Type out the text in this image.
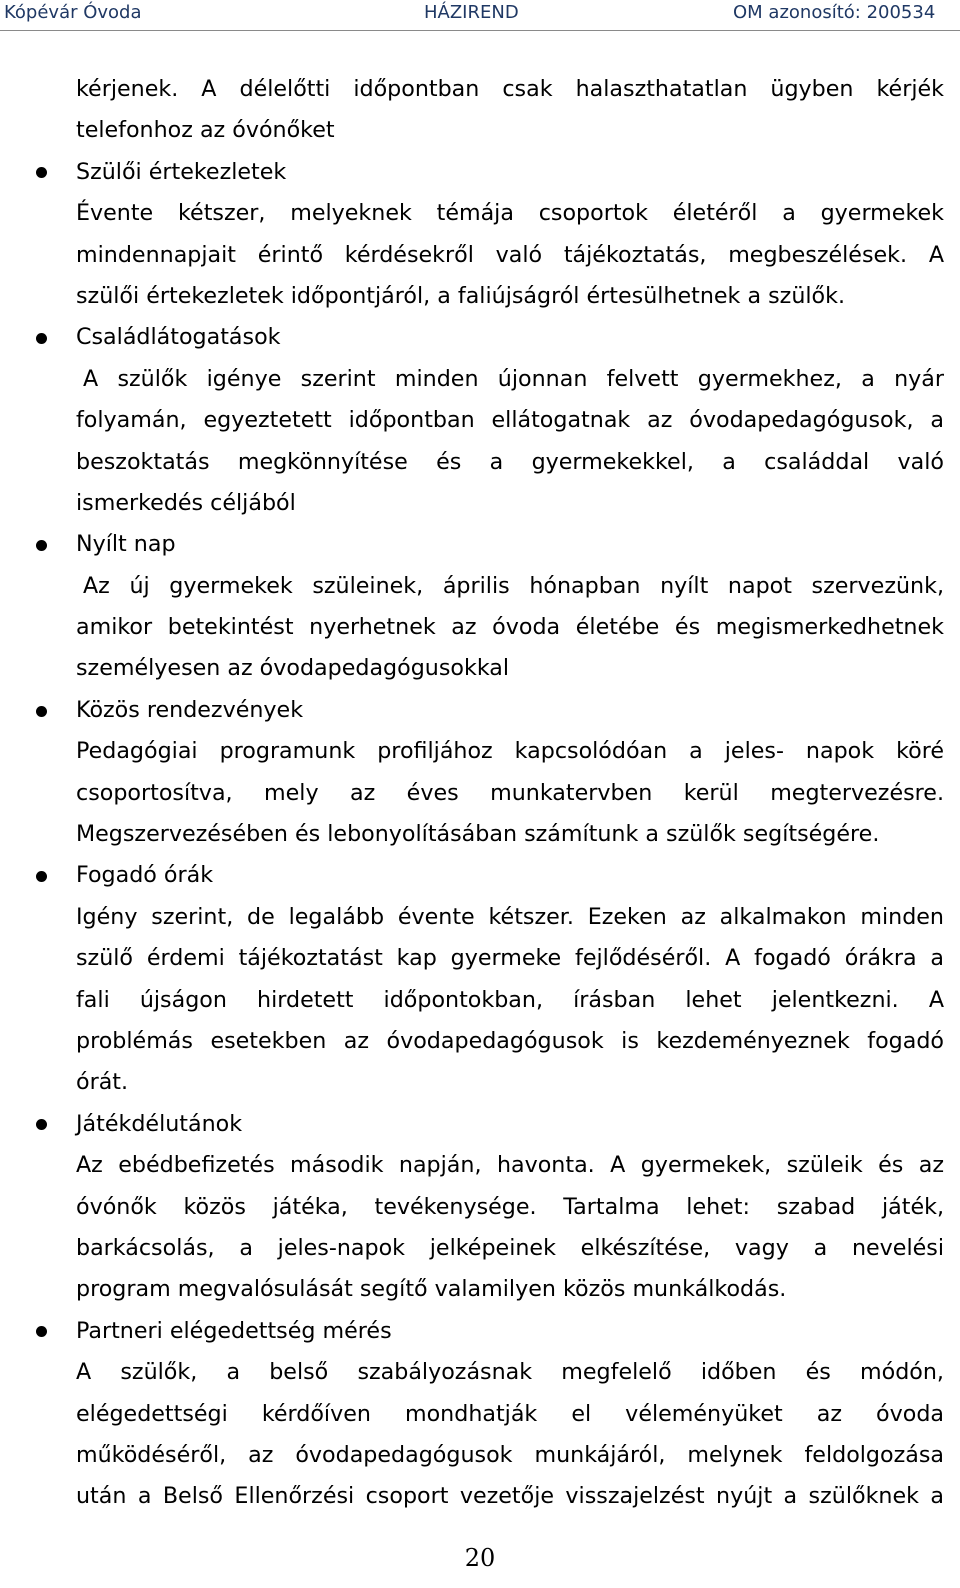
Kópévár Óvoda	HÁZIREND	OM azonosító: 200534
kérjenek. A délelőtti időpontban csak halaszthatatlan ügyben kérjék
telefonhoz az óvónőket
Szülői értekezletek
Évente kétszer, melyeknek témája csoportok életéről a gyermekek
mindennapjait érintő kérdésekről való tájékoztatás, megbeszélések. A
szülői értekezletek időpontjáról, a faliújságról értesülhetnek a szülők.
Családlátogatások
A szülők igénye szerint minden újonnan felvett gyermekhez, a nyár
folyamán, egyeztetett időpontban ellátogatnak az óvodapedagógusok, a
beszoktatás megkönnyítése és a gyermekekkel, a családdal való
ismerkedés céljából
Nyílt nap
Az új gyermekek szüleinek, április hónapban nyílt napot szervezünk,
amikor betekintést nyerhetnek az óvoda életébe és megismerkedhetnek
személyesen az óvodapedagógusokkal
Közös rendezvények
Pedagógiai programunk profiljához kapcsolódóan a jeles- napok köré
csoportosítva, mely az éves munkatervben kerül megtervezésre.
Megszervezésében és lebonyolításában számítunk a szülők segítségére.
Fogadó órák
Igény szerint, de legalább évente kétszer. Ezeken az alkalmakon minden
szülő érdemi tájékoztatást kap gyermeke fejlődéséről. A fogadó órákra a
fali újságon hirdetett időpontokban, írásban lehet jelentkezni. A
problémás esetekben az óvodapedagógusok is kezdeményeznek fogadó
órát.
Játékdélutánok
Az ebédbefizetés második napján, havonta. A gyermekek, szüleik és az
óvónők közös játéka, tevékenysége. Tartalma lehet: szabad játék,
barkácsolás, a jeles-napok jelképeinek elkészítése, vagy a nevelési
program megvalósulását segítő valamilyen közös munkálkodás.
Partneri elégedettség mérés
A szülők, a belső szabályozásnak megfelelő időben és módón,
elégedettségi kérdőíven mondhatják el véleményüket az óvoda
működéséről, az óvodapedagógusok munkájáról, melynek feldolgozása
után a Belső Ellenőrzési csoport vezetője visszajelzést nyújt a szülőknek a
20
